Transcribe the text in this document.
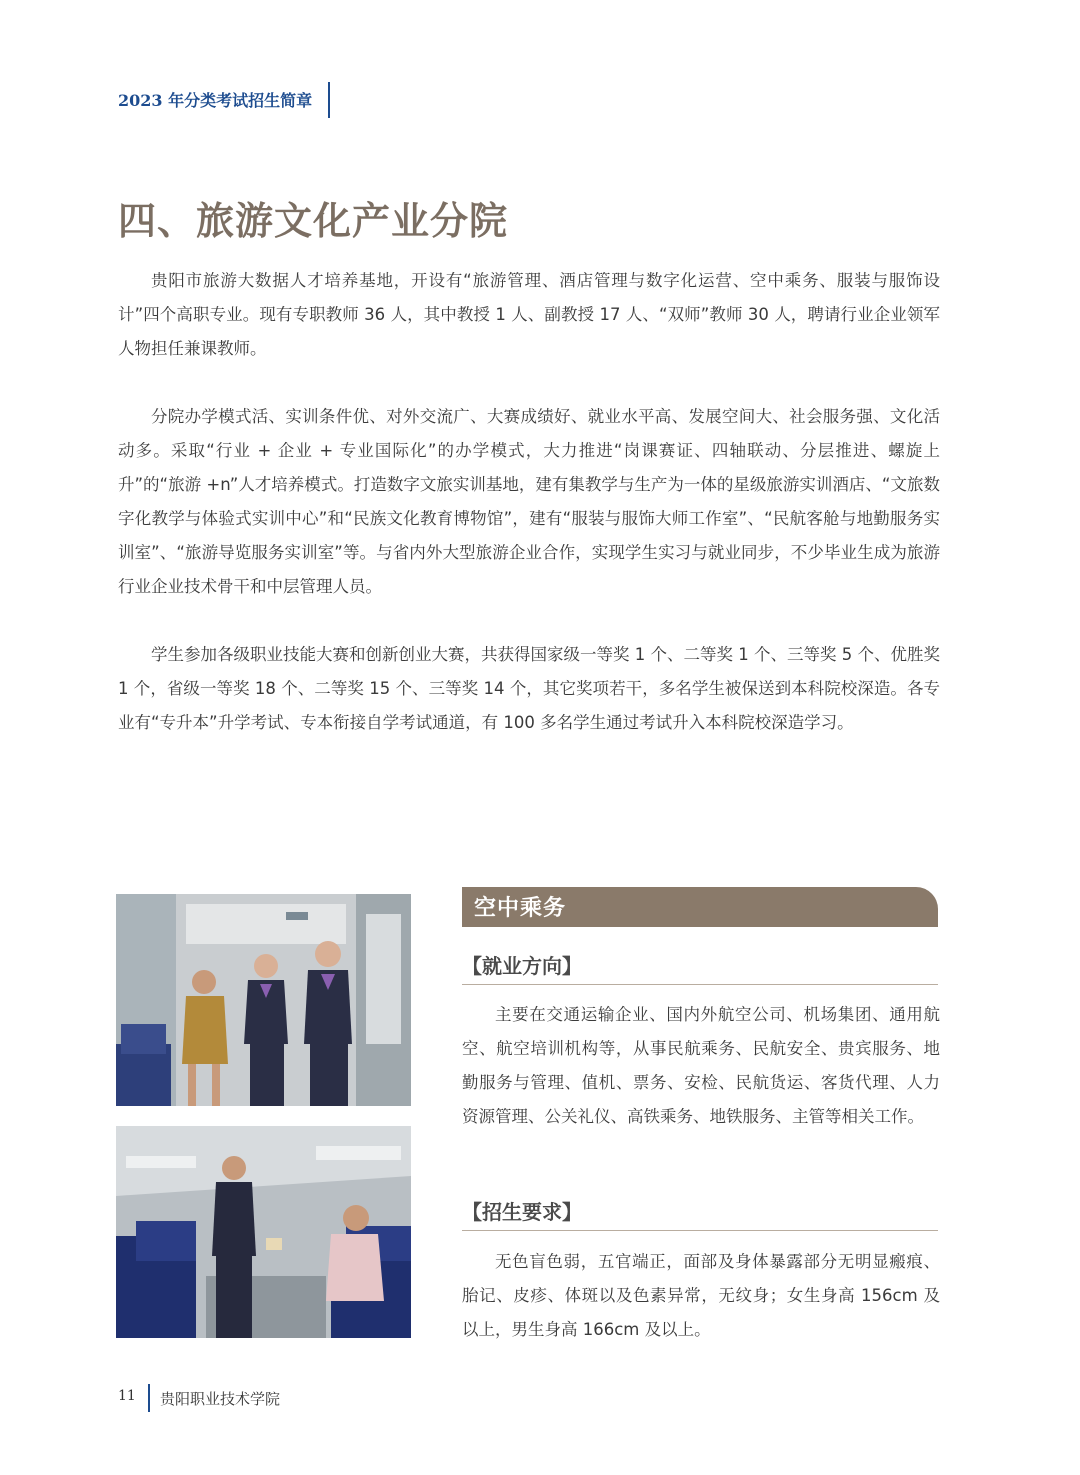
2023 年分类考试招生简章
四、旅游文化产业分院

贵阳市旅游大数据人才培养基地，开设有“旅游管理、酒店管理与数字化运营、空中乘务、服装与服饰设计”四个高职专业。现有专职教师 36 人，其中教授 1 人、副教授 17 人、“双师”教师 30 人，聘请行业企业领军人物担任兼课教师。

分院办学模式活、实训条件优、对外交流广、大赛成绩好、就业水平高、发展空间大、社会服务强、文化活动多。采取“行业 + 企业 + 专业国际化”的办学模式，大力推进“岗课赛证、四轴联动、分层推进、螺旋上升”的“旅游 +n”人才培养模式。打造数字文旅实训基地，建有集教学与生产为一体的星级旅游实训酒店、“文旅数字化教学与体验式实训中心”和“民族文化教育博物馆”，建有“服装与服饰大师工作室”、“民航客舱与地勤服务实训室”、“旅游导览服务实训室”等。与省内外大型旅游企业合作，实现学生实习与就业同步，不少毕业生成为旅游行业企业技术骨干和中层管理人员。

学生参加各级职业技能大赛和创新创业大赛，共获得国家级一等奖 1 个、二等奖 1 个、三等奖 5 个、优胜奖 1 个，省级一等奖 18 个、二等奖 15 个、三等奖 14 个，其它奖项若干，多名学生被保送到本科院校深造。各专业有“专升本”升学考试、专本衔接自学考试通道，有 100 多名学生通过考试升入本科院校深造学习。

空中乘务
【就业方向】

主要在交通运输企业、国内外航空公司、机场集团、通用航空、航空培训机构等，从事民航乘务、民航安全、贵宾服务、地勤服务与管理、值机、票务、安检、民航货运、客货代理、人力资源管理、公关礼仪、高铁乘务、地铁服务、主管等相关工作。

【招生要求】

无色盲色弱，五官端正，面部及身体暴露部分无明显瘢痕、胎记、皮疹、体斑以及色素异常，无纹身；女生身高 156cm 及以上，男生身高 166cm 及以上。

11 贵阳职业技术学院
